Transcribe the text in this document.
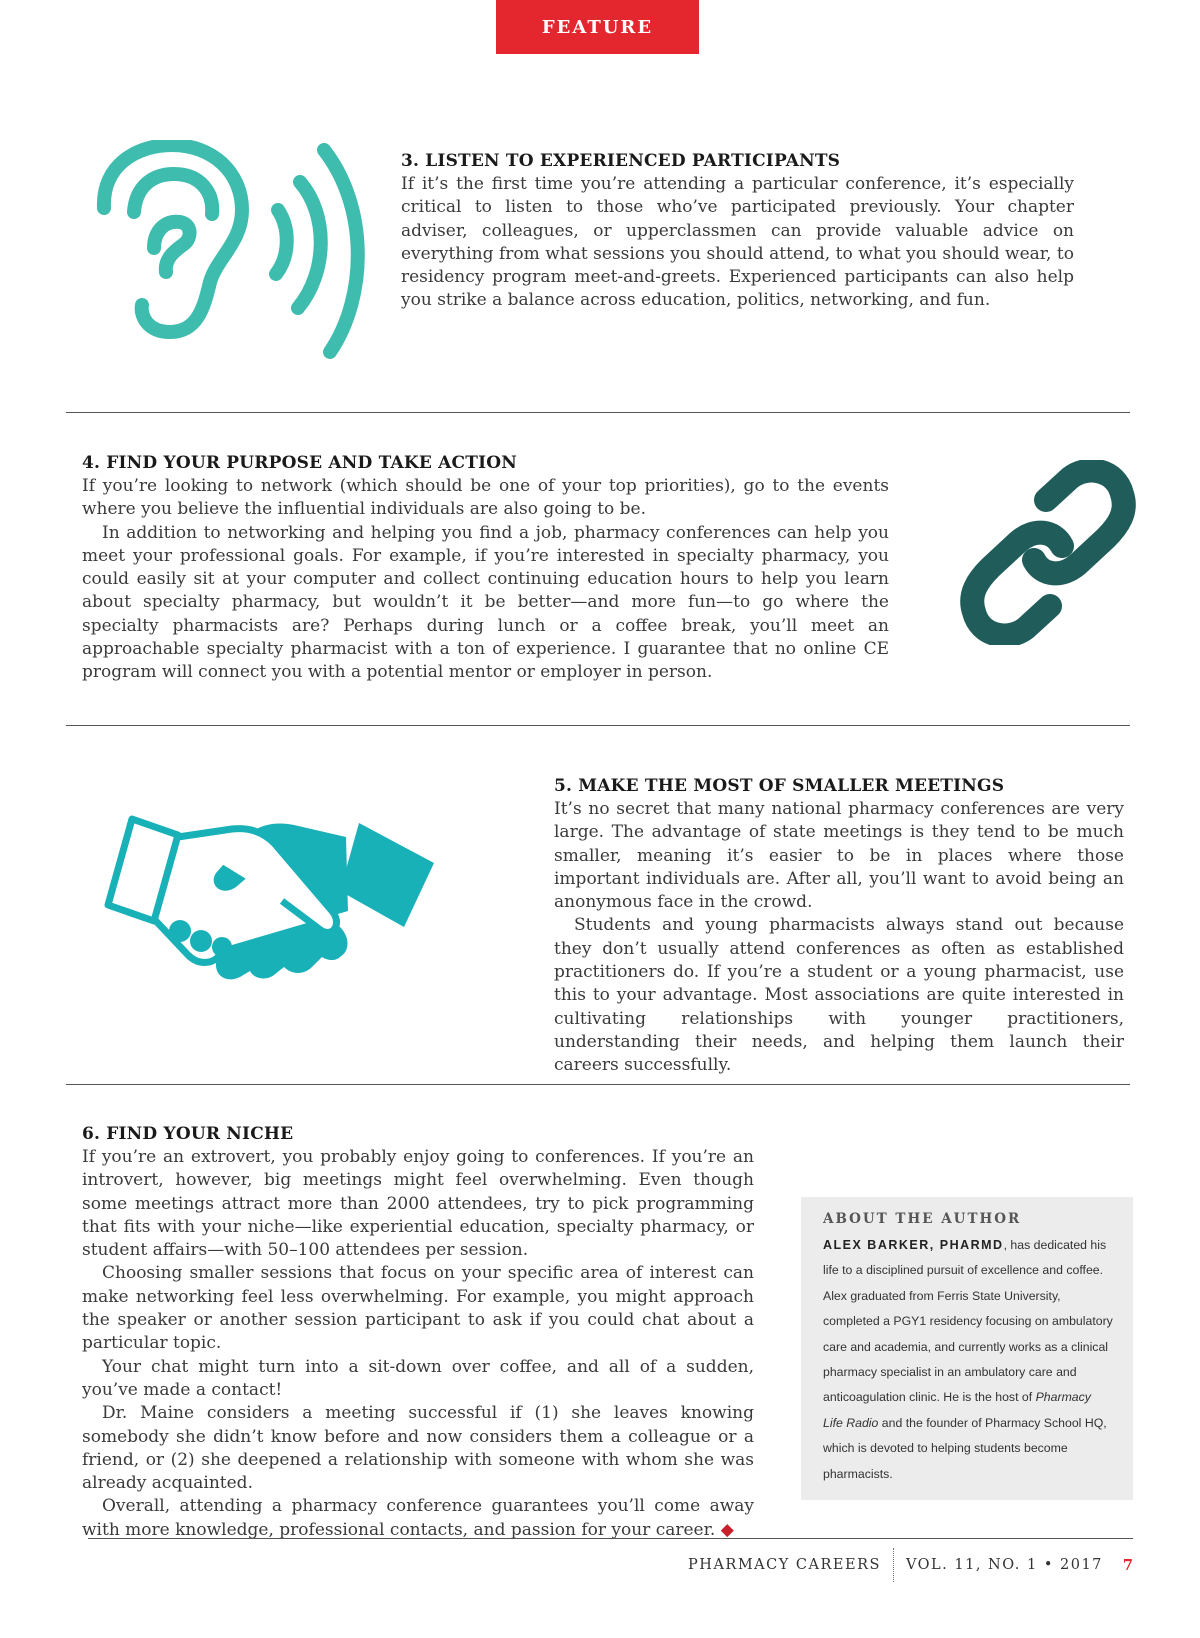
FEATURE
3. LISTEN TO EXPERIENCED PARTICIPANTS

If it’s the first time you’re attending a particular conference, it’s especially critical to listen to those who’ve participated previously. Your chapter adviser, colleagues, or upperclassmen can provide valuable advice on everything from what sessions you should attend, to what you should wear, to residency program meet-and-greets. Experienced participants can also help you strike a balance across education, politics, networking, and fun.

4. FIND YOUR PURPOSE AND TAKE ACTION

If you’re looking to network (which should be one of your top priorities), go to the events where you believe the influential individuals are also going to be.

In addition to networking and helping you find a job, pharmacy conferences can help you meet your professional goals. For example, if you’re interested in specialty pharmacy, you could easily sit at your computer and collect continuing education hours to help you learn about specialty pharmacy, but wouldn’t it be better—and more fun—to go where the specialty pharmacists are? Perhaps during lunch or a coffee break, you’ll meet an approachable specialty pharmacist with a ton of experience. I guarantee that no online CE program will connect you with a potential mentor or employer in person.

5. MAKE THE MOST OF SMALLER MEETINGS

It’s no secret that many national pharmacy conferences are very large. The advantage of state meetings is they tend to be much smaller, meaning it’s easier to be in places where those important individuals are. After all, you’ll want to avoid being an anonymous face in the crowd.

Students and young pharmacists always stand out because they don’t usually attend conferences as often as established practitioners do. If you’re a student or a young pharmacist, use this to your advantage. Most associations are quite interested in cultivating relationships with younger practitioners, understanding their needs, and helping them launch their careers successfully.

6. FIND YOUR NICHE

If you’re an extrovert, you probably enjoy going to conferences. If you’re an introvert, however, big meetings might feel overwhelming. Even though some meetings attract more than 2000 attendees, try to pick programming that fits with your niche—like experiential education, specialty pharmacy, or student affairs—with 50–100 attendees per session.

Choosing smaller sessions that focus on your specific area of interest can make networking feel less overwhelming. For example, you might approach the speaker or another session participant to ask if you could chat about a particular topic.

Your chat might turn into a sit-down over coffee, and all of a sudden, you’ve made a contact!

Dr. Maine considers a meeting successful if (1) she leaves knowing somebody she didn’t know before and now considers them a colleague or a friend, or (2) she deepened a relationship with someone with whom she was already acquainted.

Overall, attending a pharmacy conference guarantees you’ll come away with more knowledge, professional contacts, and passion for your career. ◆

ABOUT THE AUTHOR

ALEX BARKER, PHARMD, has dedicated his life to a disciplined pursuit of excellence and coffee. Alex graduated from Ferris State University, completed a PGY1 residency focusing on ambulatory care and academia, and currently works as a clinical pharmacy specialist in an ambulatory care and anticoagulation clinic. He is the host of Pharmacy Life Radio and the founder of Pharmacy School HQ, which is devoted to helping students become pharmacists.

PHARMACY CAREERS VOL. 11, NO. 1 • 2017 7
